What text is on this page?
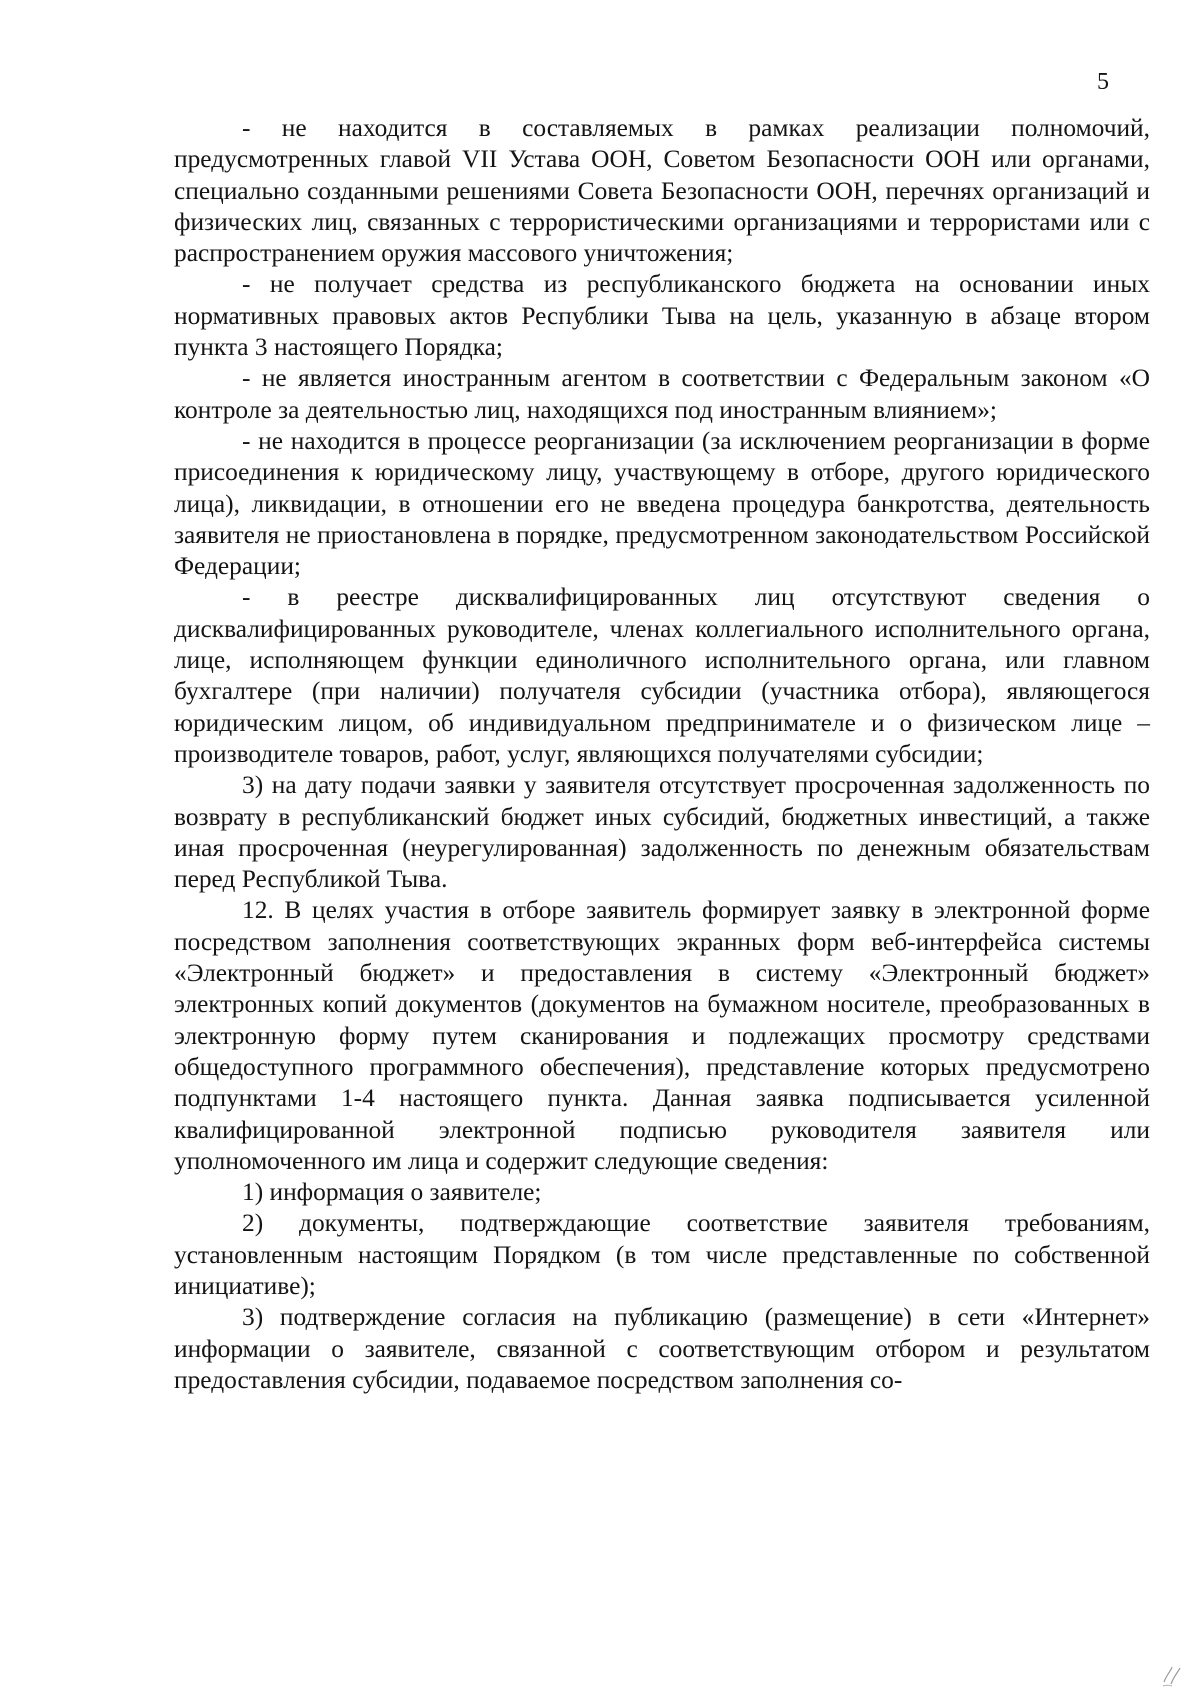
5

- не находится в составляемых в рамках реализации полномочий, предусмотренных главой VII Устава ООН, Советом Безопасности ООН или органами, специально созданными решениями Совета Безопасности ООН, перечнях организаций и физических лиц, связанных с террористическими организациями и террористами или с распространением оружия массового уничтожения;

- не получает средства из республиканского бюджета на основании иных нормативных правовых актов Республики Тыва на цель, указанную в абзаце втором пункта 3 настоящего Порядка;

- не является иностранным агентом в соответствии с Федеральным законом «О контроле за деятельностью лиц, находящихся под иностранным влиянием»;

- не находится в процессе реорганизации (за исключением реорганизации в форме присоединения к юридическому лицу, участвующему в отборе, другого юридического лица), ликвидации, в отношении его не введена процедура банкротства, деятельность заявителя не приостановлена в порядке, предусмотренном законодательством Российской Федерации;

- в реестре дисквалифицированных лиц отсутствуют сведения о дисквалифицированных руководителе, членах коллегиального исполнительного органа, лице, исполняющем функции единоличного исполнительного органа, или главном бухгалтере (при наличии) получателя субсидии (участника отбора), являющегося юридическим лицом, об индивидуальном предпринимателе и о физическом лице – производителе товаров, работ, услуг, являющихся получателями субсидии;

3) на дату подачи заявки у заявителя отсутствует просроченная задолженность по возврату в республиканский бюджет иных субсидий, бюджетных инвестиций, а также иная просроченная (неурегулированная) задолженность по денежным обязательствам перед Республикой Тыва.

12. В целях участия в отборе заявитель формирует заявку в электронной форме посредством заполнения соответствующих экранных форм веб-интерфейса системы «Электронный бюджет» и предоставления в систему «Электронный бюджет» электронных копий документов (документов на бумажном носителе, преобразованных в электронную форму путем сканирования и подлежащих просмотру средствами общедоступного программного обеспечения), представление которых предусмотрено подпунктами 1-4 настоящего пункта. Данная заявка подписывается усиленной квалифицированной электронной подписью руководителя заявителя или уполномоченного им лица и содержит следующие сведения:

1) информация о заявителе;

2) документы, подтверждающие соответствие заявителя требованиям, установленным настоящим Порядком (в том числе представленные по собственной инициативе);

3) подтверждение согласия на публикацию (размещение) в сети «Интернет» информации о заявителе, связанной с соответствующим отбором и результатом предоставления субсидии, подаваемое посредством заполнения со-
